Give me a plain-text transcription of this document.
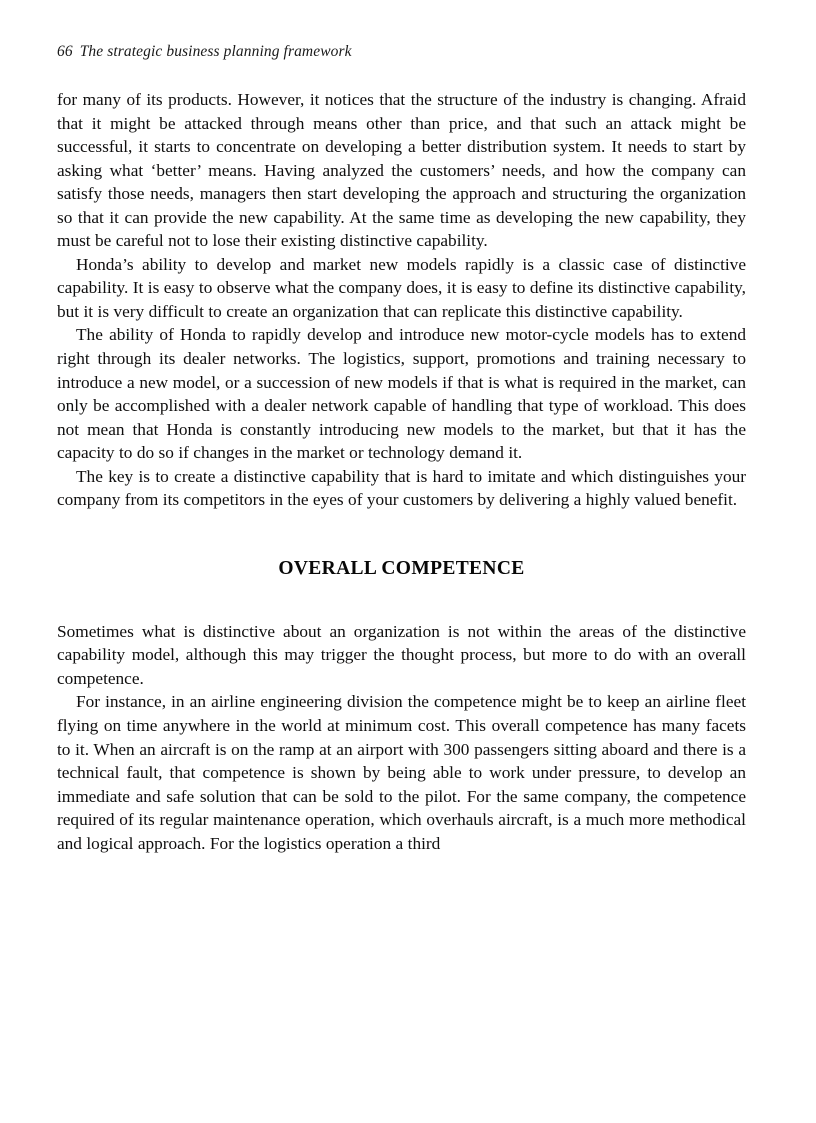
66 The strategic business planning framework

for many of its products. However, it notices that the structure of the industry is changing. Afraid that it might be attacked through means other than price, and that such an attack might be successful, it starts to concentrate on developing a better distribution system. It needs to start by asking what ‘better’ means. Having analyzed the customers’ needs, and how the company can satisfy those needs, managers then start developing the approach and structuring the organization so that it can provide the new capability. At the same time as developing the new capability, they must be careful not to lose their existing distinctive capability.

Honda’s ability to develop and market new models rapidly is a classic case of distinctive capability. It is easy to observe what the company does, it is easy to define its distinctive capability, but it is very difficult to create an organization that can replicate this distinctive capability.

The ability of Honda to rapidly develop and introduce new motor-cycle models has to extend right through its dealer networks. The logistics, support, promotions and training necessary to introduce a new model, or a succession of new models if that is what is required in the market, can only be accomplished with a dealer network capable of handling that type of workload. This does not mean that Honda is constantly introducing new models to the market, but that it has the capacity to do so if changes in the market or technology demand it.

The key is to create a distinctive capability that is hard to imitate and which distinguishes your company from its competitors in the eyes of your customers by delivering a highly valued benefit.

OVERALL COMPETENCE

Sometimes what is distinctive about an organization is not within the areas of the distinctive capability model, although this may trigger the thought process, but more to do with an overall competence.

For instance, in an airline engineering division the competence might be to keep an airline fleet flying on time anywhere in the world at minimum cost. This overall competence has many facets to it. When an aircraft is on the ramp at an airport with 300 passengers sitting aboard and there is a technical fault, that competence is shown by being able to work under pressure, to develop an immediate and safe solution that can be sold to the pilot. For the same company, the competence required of its regular maintenance operation, which overhauls aircraft, is a much more methodical and logical approach. For the logistics operation a third
